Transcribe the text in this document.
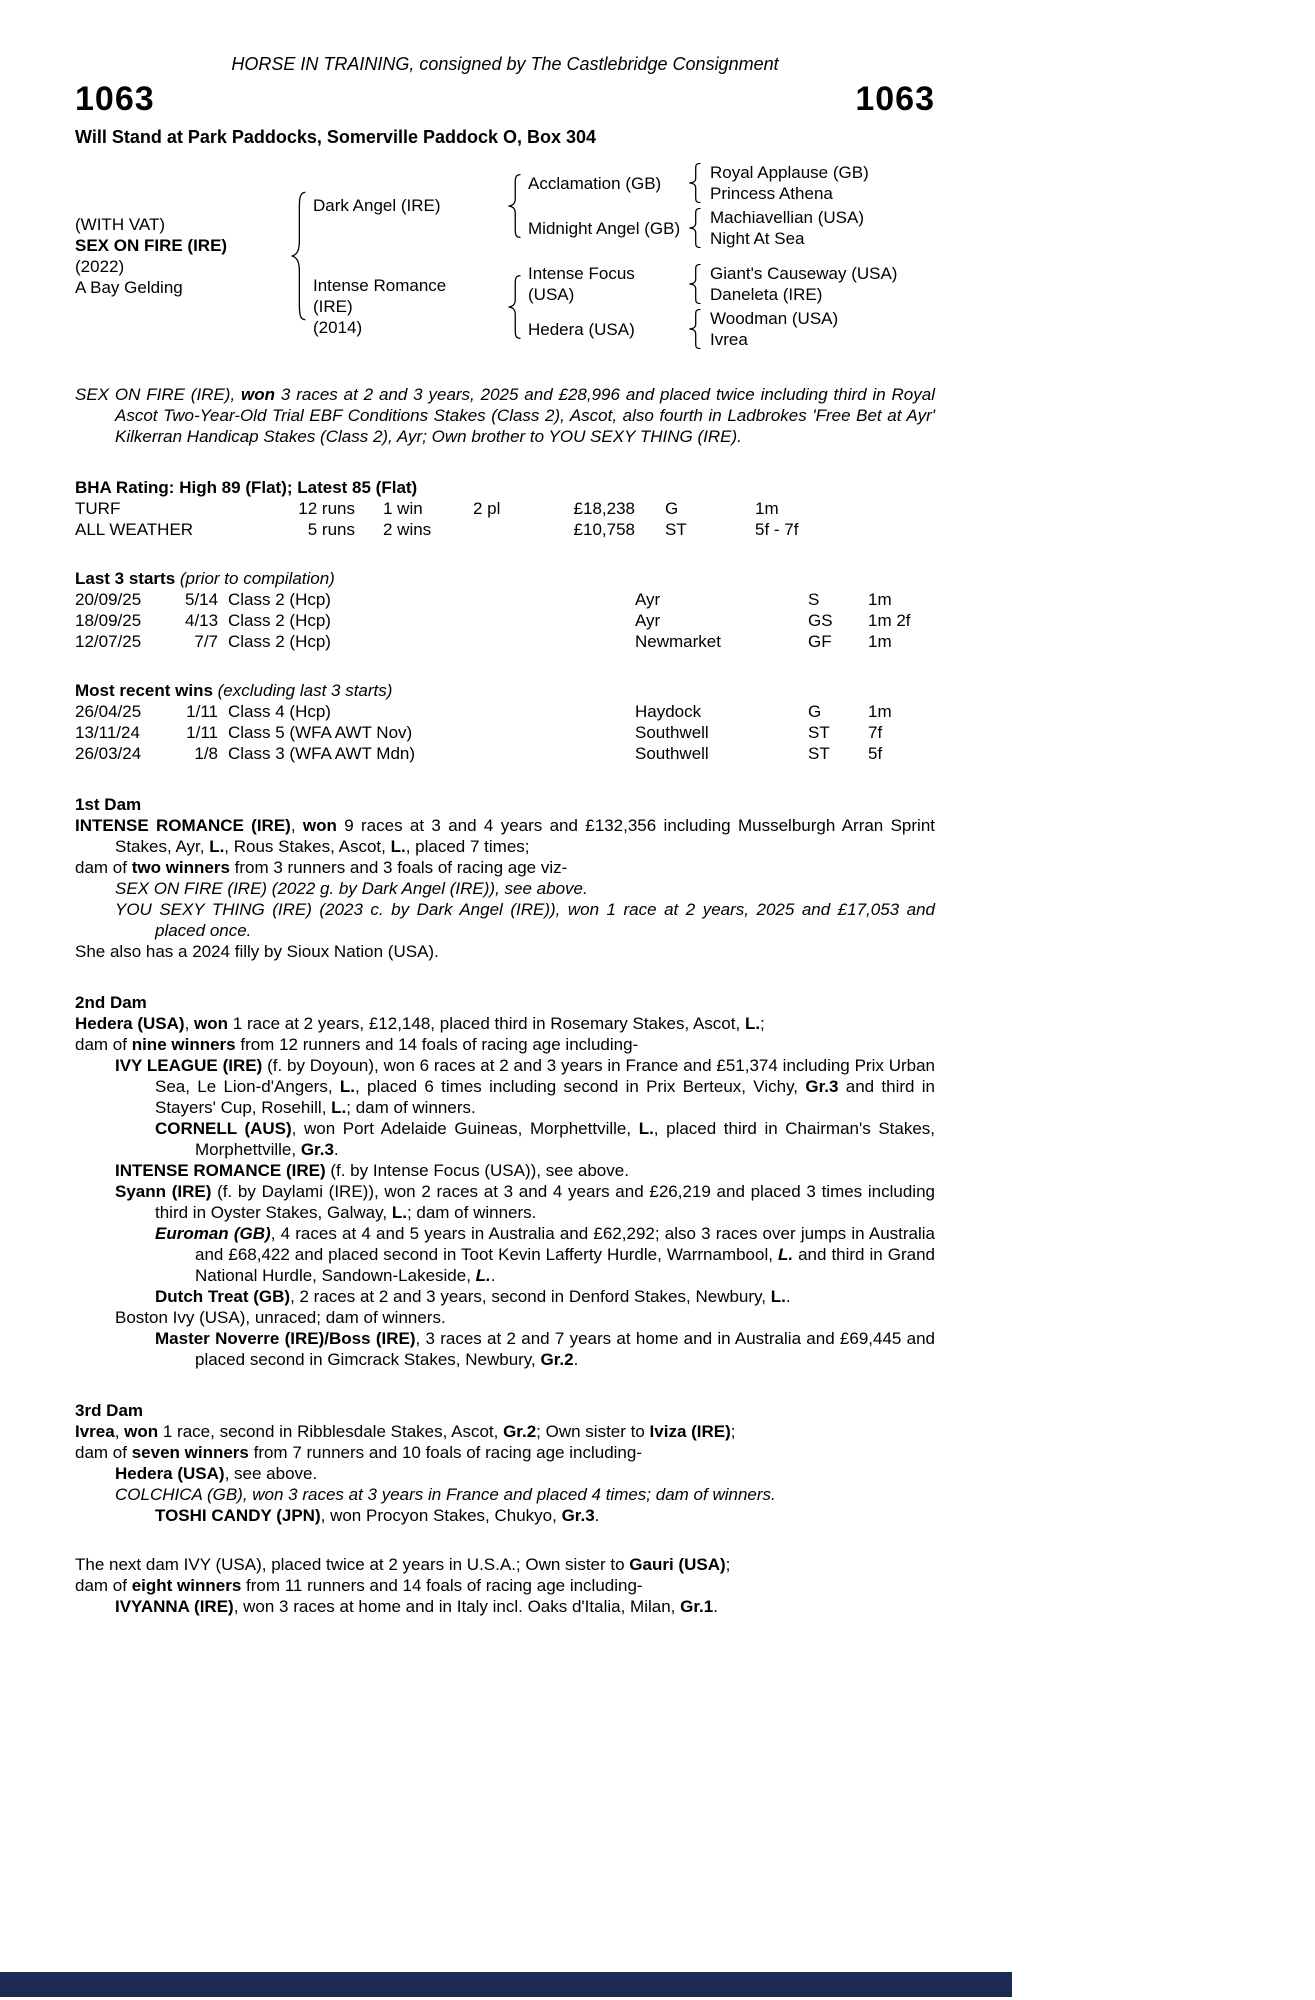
HORSE IN TRAINING, consigned by The Castlebridge Consignment
1063	1063
Will Stand at Park Paddocks, Somerville Paddock O, Box 304
(WITH VAT)
SEX ON FIRE (IRE)
(2022)
A Bay Gelding
Dark Angel (IRE)
Acclamation (GB)
Royal Applause (GB)
Princess Athena
Midnight Angel (GB)
Machiavellian (USA)
Night At Sea
Intense Romance
(IRE)
(2014)
Intense Focus
(USA)
Giant's Causeway (USA)
Daneleta (IRE)
Hedera (USA)
Woodman (USA)
Ivrea

SEX ON FIRE (IRE), won 3 races at 2 and 3 years, 2025 and £28,996 and placed twice including third in Royal Ascot Two-Year-Old Trial EBF Conditions Stakes (Class 2), Ascot, also fourth in Ladbrokes 'Free Bet at Ayr' Kilkerran Handicap Stakes (Class 2), Ayr; Own brother to YOU SEXY THING (IRE).

BHA Rating: High 89 (Flat); Latest 85 (Flat)
TURF	12 runs	1 win	2 pl	£18,238	G	1m
ALL WEATHER	5 runs	2 wins	£10,758	ST	5f - 7f
Last 3 starts (prior to compilation)
20/09/25	5/14 Class 2 (Hcp)	Ayr	S	1m
18/09/25	4/13 Class 2 (Hcp)	Ayr	GS	1m 2f
12/07/25	7/7 Class 2 (Hcp)	Newmarket	GF	1m
Most recent wins (excluding last 3 starts)
26/04/25	1/11 Class 4 (Hcp)	Haydock	G	1m
13/11/24	1/11 Class 5 (WFA AWT Nov)	Southwell	ST	7f
26/03/24	1/8 Class 3 (WFA AWT Mdn)	Southwell	ST	5f
1st Dam

INTENSE ROMANCE (IRE), won 9 races at 3 and 4 years and £132,356 including Musselburgh Arran Sprint Stakes, Ayr, L., Rous Stakes, Ascot, L., placed 7 times;

dam of two winners from 3 runners and 3 foals of racing age viz-

SEX ON FIRE (IRE) (2022 g. by Dark Angel (IRE)), see above.

YOU SEXY THING (IRE) (2023 c. by Dark Angel (IRE)), won 1 race at 2 years, 2025 and £17,053 and placed once.

She also has a 2024 filly by Sioux Nation (USA).

2nd Dam

Hedera (USA), won 1 race at 2 years, £12,148, placed third in Rosemary Stakes, Ascot, L.;

dam of nine winners from 12 runners and 14 foals of racing age including-

IVY LEAGUE (IRE) (f. by Doyoun), won 6 races at 2 and 3 years in France and £51,374 including Prix Urban Sea, Le Lion-d'Angers, L., placed 6 times including second in Prix Berteux, Vichy, Gr.3 and third in Stayers' Cup, Rosehill, L.; dam of winners.

CORNELL (AUS), won Port Adelaide Guineas, Morphettville, L., placed third in Chairman's Stakes, Morphettville, Gr.3.

INTENSE ROMANCE (IRE) (f. by Intense Focus (USA)), see above.

Syann (IRE) (f. by Daylami (IRE)), won 2 races at 3 and 4 years and £26,219 and placed 3 times including third in Oyster Stakes, Galway, L.; dam of winners.

Euroman (GB), 4 races at 4 and 5 years in Australia and £62,292; also 3 races over jumps in Australia and £68,422 and placed second in Toot Kevin Lafferty Hurdle, Warrnambool, L. and third in Grand National Hurdle, Sandown-Lakeside, L..

Dutch Treat (GB), 2 races at 2 and 3 years, second in Denford Stakes, Newbury, L..

Boston Ivy (USA), unraced; dam of winners.

Master Noverre (IRE)/Boss (IRE), 3 races at 2 and 7 years at home and in Australia and £69,445 and placed second in Gimcrack Stakes, Newbury, Gr.2.

3rd Dam

Ivrea, won 1 race, second in Ribblesdale Stakes, Ascot, Gr.2; Own sister to Iviza (IRE);

dam of seven winners from 7 runners and 10 foals of racing age including-

Hedera (USA), see above.

COLCHICA (GB), won 3 races at 3 years in France and placed 4 times; dam of winners.

TOSHI CANDY (JPN), won Procyon Stakes, Chukyo, Gr.3.

The next dam IVY (USA), placed twice at 2 years in U.S.A.; Own sister to Gauri (USA);

dam of eight winners from 11 runners and 14 foals of racing age including-

IVYANNA (IRE), won 3 races at home and in Italy incl. Oaks d'Italia, Milan, Gr.1.
